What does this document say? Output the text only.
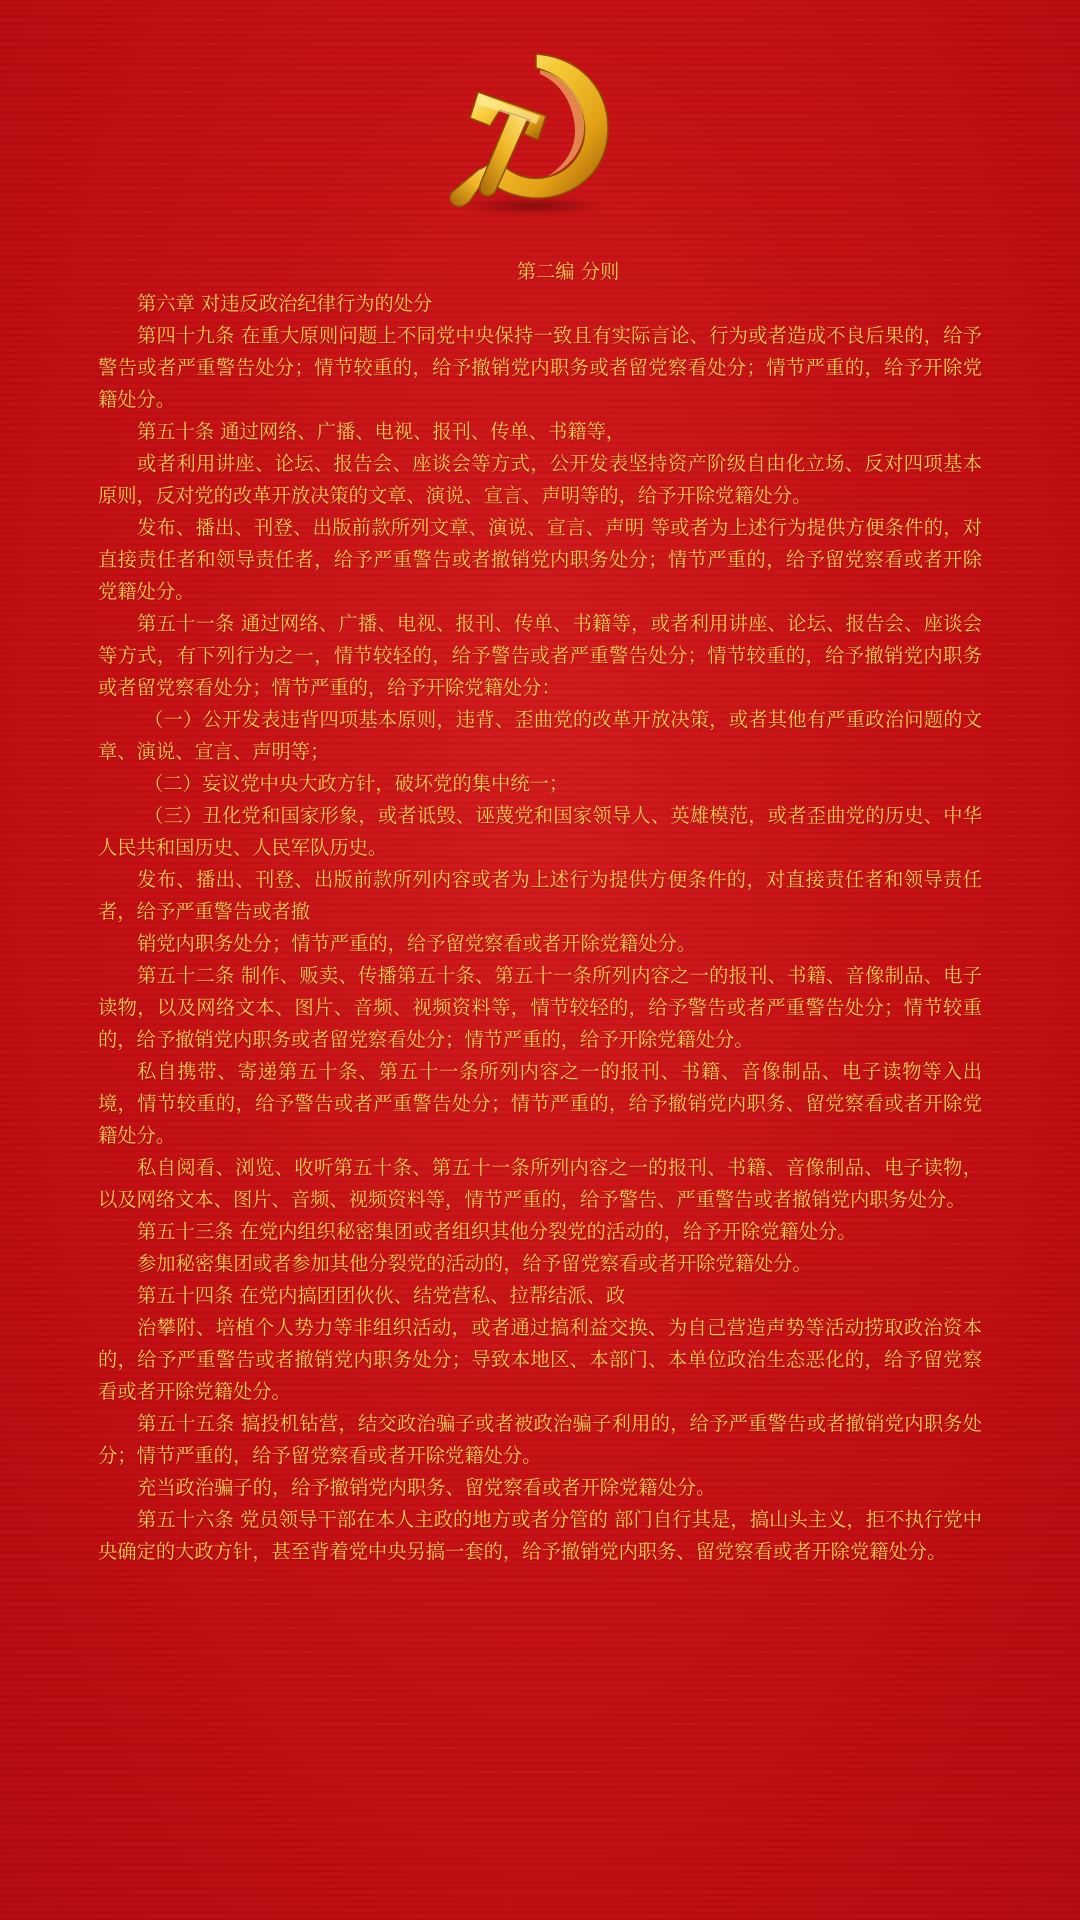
第二编 分则

第六章 对违反政治纪律行为的处分

第四十九条 在重大原则问题上不同党中央保持一致且有实际言论、行为或者造成不良后果的，给予警告或者严重警告处分；情节较重的，给予撤销党内职务或者留党察看处分；情节严重的，给予开除党籍处分。

第五十条 通过网络、广播、电视、报刊、传单、书籍等，

或者利用讲座、论坛、报告会、座谈会等方式，公开发表坚持资产阶级自由化立场、反对四项基本原则，反对党的改革开放决策的文章、演说、宣言、声明等的，给予开除党籍处分。

发布、播出、刊登、出版前款所列文章、演说、宣言、声明 等或者为上述行为提供方便条件的，对直接责任者和领导责任者，给予严重警告或者撤销党内职务处分；情节严重的，给予留党察看或者开除党籍处分。

第五十一条 通过网络、广播、电视、报刊、传单、书籍等，或者利用讲座、论坛、报告会、座谈会等方式，有下列行为之一，情节较轻的，给予警告或者严重警告处分；情节较重的，给予撤销党内职务或者留党察看处分；情节严重的，给予开除党籍处分：

（一）公开发表违背四项基本原则，违背、歪曲党的改革开放决策，或者其他有严重政治问题的文章、演说、宣言、声明等；

（二）妄议党中央大政方针，破坏党的集中统一；

（三）丑化党和国家形象，或者诋毁、诬蔑党和国家领导人、英雄模范，或者歪曲党的历史、中华人民共和国历史、人民军队历史。

发布、播出、刊登、出版前款所列内容或者为上述行为提供方便条件的，对直接责任者和领导责任者，给予严重警告或者撤

销党内职务处分；情节严重的，给予留党察看或者开除党籍处分。

第五十二条 制作、贩卖、传播第五十条、第五十一条所列内容之一的报刊、书籍、音像制品、电子读物，以及网络文本、图片、音频、视频资料等，情节较轻的，给予警告或者严重警告处分；情节较重的，给予撤销党内职务或者留党察看处分；情节严重的，给予开除党籍处分。

私自携带、寄递第五十条、第五十一条所列内容之一的报刊、书籍、音像制品、电子读物等入出境，情节较重的，给予警告或者严重警告处分；情节严重的，给予撤销党内职务、留党察看或者开除党籍处分。

私自阅看、浏览、收听第五十条、第五十一条所列内容之一的报刊、书籍、音像制品、电子读物，以及网络文本、图片、音频、视频资料等，情节严重的，给予警告、严重警告或者撤销党内职务处分。

第五十三条 在党内组织秘密集团或者组织其他分裂党的活动的，给予开除党籍处分。

参加秘密集团或者参加其他分裂党的活动的，给予留党察看或者开除党籍处分。

第五十四条 在党内搞团团伙伙、结党营私、拉帮结派、政

治攀附、培植个人势力等非组织活动，或者通过搞利益交换、为自己营造声势等活动捞取政治资本的，给予严重警告或者撤销党内职务处分；导致本地区、本部门、本单位政治生态恶化的，给予留党察看或者开除党籍处分。

第五十五条 搞投机钻营，结交政治骗子或者被政治骗子利用的，给予严重警告或者撤销党内职务处分；情节严重的，给予留党察看或者开除党籍处分。

充当政治骗子的，给予撤销党内职务、留党察看或者开除党籍处分。

第五十六条 党员领导干部在本人主政的地方或者分管的 部门自行其是，搞山头主义，拒不执行党中央确定的大政方针，甚至背着党中央另搞一套的，给予撤销党内职务、留党察看或者开除党籍处分。
